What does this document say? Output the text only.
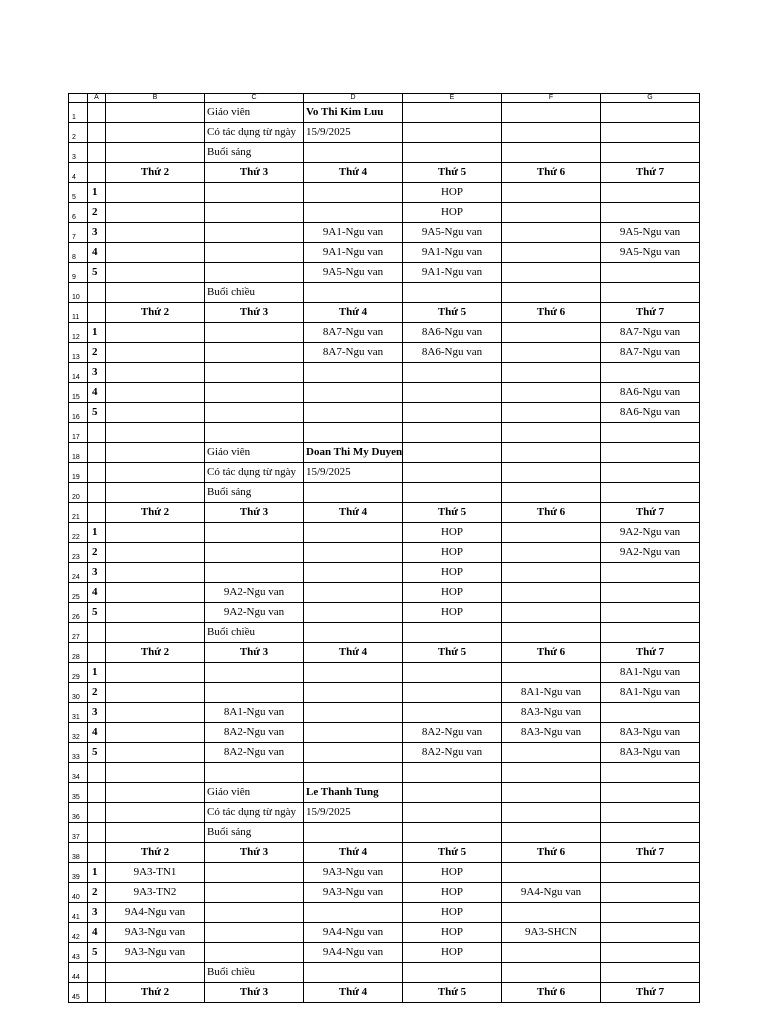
	A	B	C	D	E	F	G
1			Giáo viên	Vo Thi Kim Luu			

2			Có tác dụng từ ngày	15/9/2025			
3			Buổi sáng				
4		Thứ 2	Thứ 3	Thứ 4	Thứ 5	Thứ 6	Thứ 7
5	1				HOP		
6	2				HOP		
7	3			9A1-Ngu van	9A5-Ngu van		9A5-Ngu van
8	4			9A1-Ngu van	9A1-Ngu van		9A5-Ngu van
9	5			9A5-Ngu van	9A1-Ngu van		
10			Buổi chiều				
11		Thứ 2	Thứ 3	Thứ 4	Thứ 5	Thứ 6	Thứ 7
12	1			8A7-Ngu van	8A6-Ngu van		8A7-Ngu van
13	2			8A7-Ngu van	8A6-Ngu van		8A7-Ngu van
14	3						
15	4						8A6-Ngu van
16	5						8A6-Ngu van
17							
18			Giáo viên	Doan Thi My Duyen			

19			Có tác dụng từ ngày	15/9/2025			
20			Buổi sáng				
21		Thứ 2	Thứ 3	Thứ 4	Thứ 5	Thứ 6	Thứ 7
22	1				HOP		9A2-Ngu van
23	2				HOP		9A2-Ngu van
24	3				HOP		
25	4		9A2-Ngu van		HOP		
26	5		9A2-Ngu van		HOP		
27			Buổi chiều				
28		Thứ 2	Thứ 3	Thứ 4	Thứ 5	Thứ 6	Thứ 7
29	1						8A1-Ngu van
30	2					8A1-Ngu van	8A1-Ngu van
31	3		8A1-Ngu van			8A3-Ngu van	
32	4		8A2-Ngu van		8A2-Ngu van	8A3-Ngu van	8A3-Ngu van
33	5		8A2-Ngu van		8A2-Ngu van		8A3-Ngu van
34							
35			Giáo viên	Le Thanh Tung			

36			Có tác dụng từ ngày	15/9/2025			
37			Buổi sáng				
38		Thứ 2	Thứ 3	Thứ 4	Thứ 5	Thứ 6	Thứ 7
39	1	9A3-TN1		9A3-Ngu van	HOP		
40	2	9A3-TN2		9A3-Ngu van	HOP	9A4-Ngu van	
41	3	9A4-Ngu van			HOP		
42	4	9A3-Ngu van		9A4-Ngu van	HOP	9A3-SHCN	
43	5	9A3-Ngu van		9A4-Ngu van	HOP		
44			Buổi chiều				
45		Thứ 2	Thứ 3	Thứ 4	Thứ 5	Thứ 6	Thứ 7
